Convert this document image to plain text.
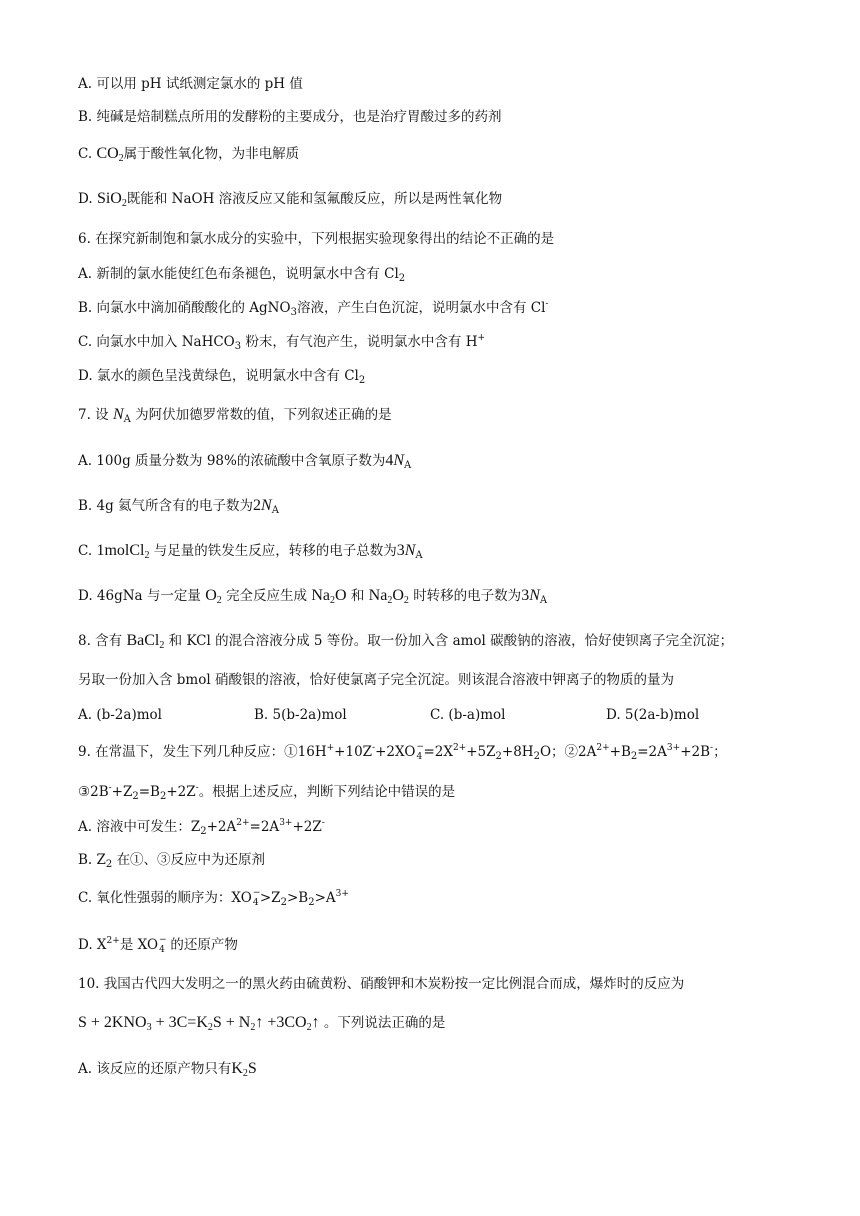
A. 可以用 pH 试纸测定氯水的 pH 值
B. 纯碱是焙制糕点所用的发酵粉的主要成分，也是治疗胃酸过多的药剂
C. $CO_2$属于酸性氧化物，为非电解质
D. SiO$_2$既能和 NaOH 溶液反应又能和氢氟酸反应，所以是两性氧化物
6. 在探究新制饱和氯水成分的实验中，下列根据实验现象得出的结论不正确的是
A. 新制的氯水能使红色布条褪色，说明氯水中含有 $Cl_2$
B. 向氯水中滴加硝酸酸化的 AgNO$_3$溶液，产生白色沉淀，说明氯水中含有 Cl-
C. 向氯水中加入 NaHCO$_3$ 粉末，有气泡产生，说明氯水中含有 H+
D. 氯水的颜色呈浅黄绿色，说明氯水中含有 $Cl_2$
7. 设 $N_A$ 为阿伏加德罗常数的值，下列叙述正确的是
A. 100g 质量分数为 98%的浓硫酸中含氧原子数为$4N_A$
B. 4g 氦气所含有的电子数为$2N_A$
C. 1molCl$_2$ 与足量的铁发生反应，转移的电子总数为$3N_A$
D. 46gNa 与一定量 $O_2$ 完全反应生成 $Na_2O$ 和 $Na_2O_2$ 时转移的电子数为$3N_A$
8. 含有 BaCl$_2$ 和 KCl 的混合溶液分成 5 等份。取一份加入含 amol 碳酸钠的溶液，恰好使钡离子完全沉淀；
另取一份加入含 bmol 硝酸银的溶液，恰好使氯离子完全沉淀。则该混合溶液中钾离子的物质的量为
A. (b-2a)mol	B. 5(b-2a)mol	C. (b-a)mol	D. 5(2a-b)mol
9. 在常温下，发生下列几种反应：①16H++10Z-+2XO −
$4 =2X^{2+}+5Z_2+8H_2O$；$②2A^{2+}+B_2=2A^{3+}+2B^-$；
$③2B^-+Z_2=B_2+2Z^-$。根据上述反应，判断下列结论中错误的是
A. 溶液中可发生：$Z_2+2A^{2+}=2A^{3+}+2Z^-$
B. $Z_2$ 在①、③反应中为还原剂
C. 氧化性强弱的顺序为：XO −
$4 >Z_2>B_2>A^{3+}$
D. $X^{2+}$是 XO −
4 的还原产物
10. 我国古代四大发明之一的黑火药由硫黄粉、硝酸钾和木炭粉按一定比例混合而成，爆炸时的反应为
$S + 2KNO_3 + 3C=K_2S$ + $N_2↑$ $+3CO_2↑$ 。下列说法正确的是
A. 该反应的还原产物只有$K_2S$
